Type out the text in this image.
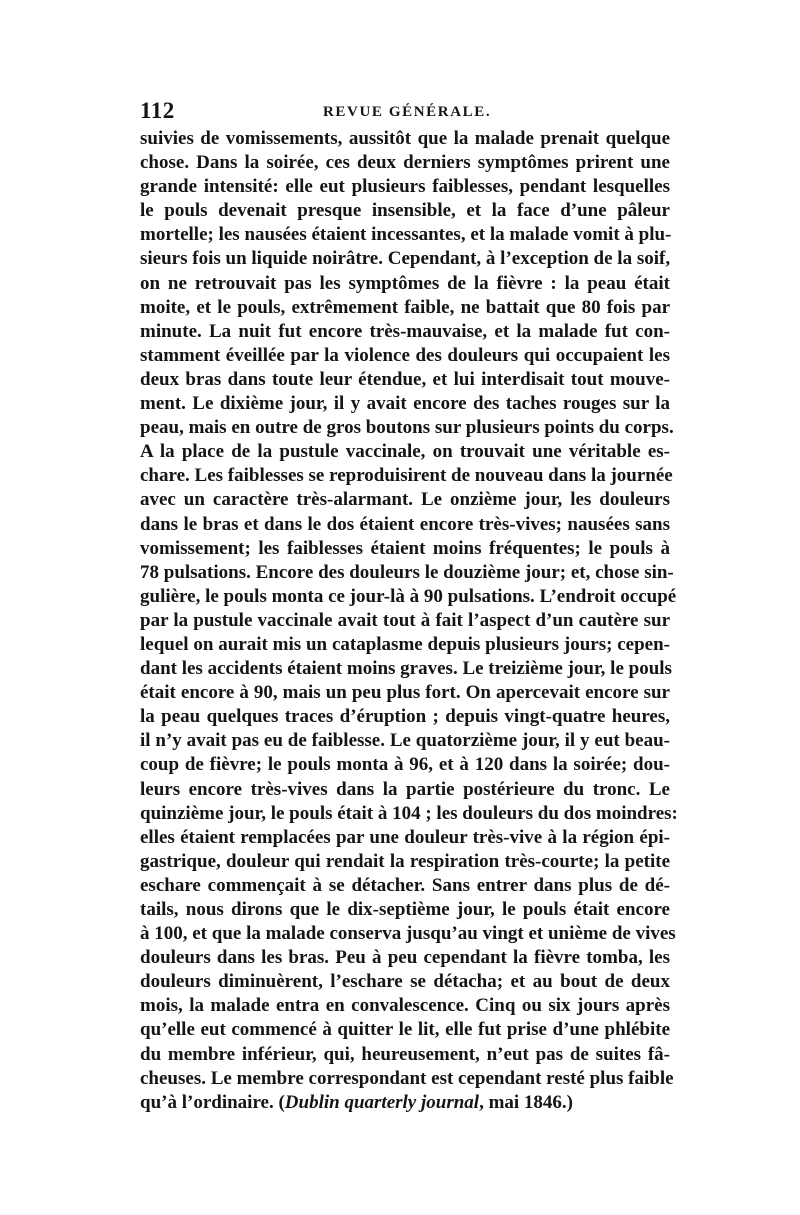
112	REVUE GÉNÉRALE.
suivies de vomissements, aussitôt que la malade prenait quelque
chose. Dans la soirée, ces deux derniers symptômes prirent une
grande intensité: elle eut plusieurs faiblesses, pendant lesquelles
le pouls devenait presque insensible, et la face d’une pâleur
mortelle; les nausées étaient incessantes, et la malade vomit à plu-
sieurs fois un liquide noirâtre. Cependant, à l’exception de la soif,
on ne retrouvait pas les symptômes de la fièvre : la peau était
moite, et le pouls, extrêmement faible, ne battait que 80 fois par
minute. La nuit fut encore très-mauvaise, et la malade fut con-
stamment éveillée par la violence des douleurs qui occupaient les
deux bras dans toute leur étendue, et lui interdisait tout mouve-
ment. Le dixième jour, il y avait encore des taches rouges sur la
peau, mais en outre de gros boutons sur plusieurs points du corps.
A la place de la pustule vaccinale, on trouvait une véritable es-
chare. Les faiblesses se reproduisirent de nouveau dans la journée
avec un caractère très-alarmant. Le onzième jour, les douleurs
dans le bras et dans le dos étaient encore très-vives; nausées sans
vomissement; les faiblesses étaient moins fréquentes; le pouls à
78 pulsations. Encore des douleurs le douzième jour; et, chose sin-
gulière, le pouls monta ce jour-là à 90 pulsations. L’endroit occupé
par la pustule vaccinale avait tout à fait l’aspect d’un cautère sur
lequel on aurait mis un cataplasme depuis plusieurs jours; cepen-
dant les accidents étaient moins graves. Le treizième jour, le pouls
était encore à 90, mais un peu plus fort. On apercevait encore sur
la peau quelques traces d’éruption ; depuis vingt-quatre heures,
il n’y avait pas eu de faiblesse. Le quatorzième jour, il y eut beau-
coup de fièvre; le pouls monta à 96, et à 120 dans la soirée; dou-
leurs encore très-vives dans la partie postérieure du tronc. Le
quinzième jour, le pouls était à 104 ; les douleurs du dos moindres:
elles étaient remplacées par une douleur très-vive à la région épi-
gastrique, douleur qui rendait la respiration très-courte; la petite
eschare commençait à se détacher. Sans entrer dans plus de dé-
tails, nous dirons que le dix-septième jour, le pouls était encore
à 100, et que la malade conserva jusqu’au vingt et unième de vives
douleurs dans les bras. Peu à peu cependant la fièvre tomba, les
douleurs diminuèrent, l’eschare se détacha; et au bout de deux
mois, la malade entra en convalescence. Cinq ou six jours après
qu’elle eut commencé à quitter le lit, elle fut prise d’une phlébite
du membre inférieur, qui, heureusement, n’eut pas de suites fâ-
cheuses. Le membre correspondant est cependant resté plus faible
qu’à l’ordinaire. (Dublin quarterly journal, mai 1846.)
